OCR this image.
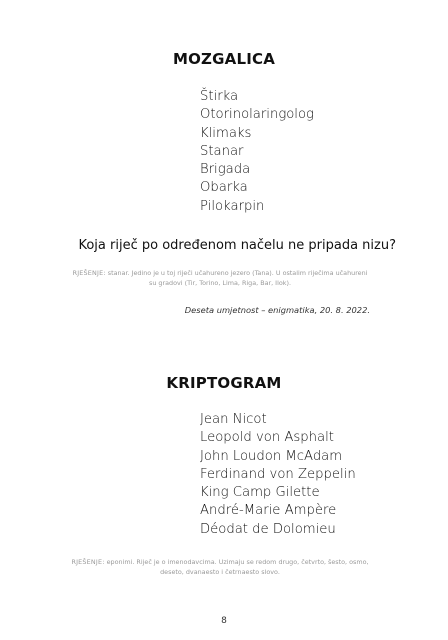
MOZGALICA
Štirka
Otorinolaringolog
Klimaks
Stanar
Brigada
Obarka
Pilokarpin
Koja riječ po određenom načelu ne pripada nizu?
RJEŠENJE: stanar. Jedino je u toj riječi učahureno jezero (Tana). U ostalim riječima učahureni su gradovi (Tir, Torino, Lima, Riga, Bar, Ilok).
Deseta umjetnost – enigmatika, 20. 8. 2022.
KRIPTOGRAM
Jean Nicot
Leopold von Asphalt
John Loudon McAdam
Ferdinand von Zeppelin
King Camp Gilette
André-Marie Ampère
Déodat de Dolomieu
RJEŠENJE: eponimi. Riječ je o imenodavcima. Uzimaju se redom drugo, četvrto, šesto, osmo, deseto, dvanaesto i četrnaesto slovo.
8
